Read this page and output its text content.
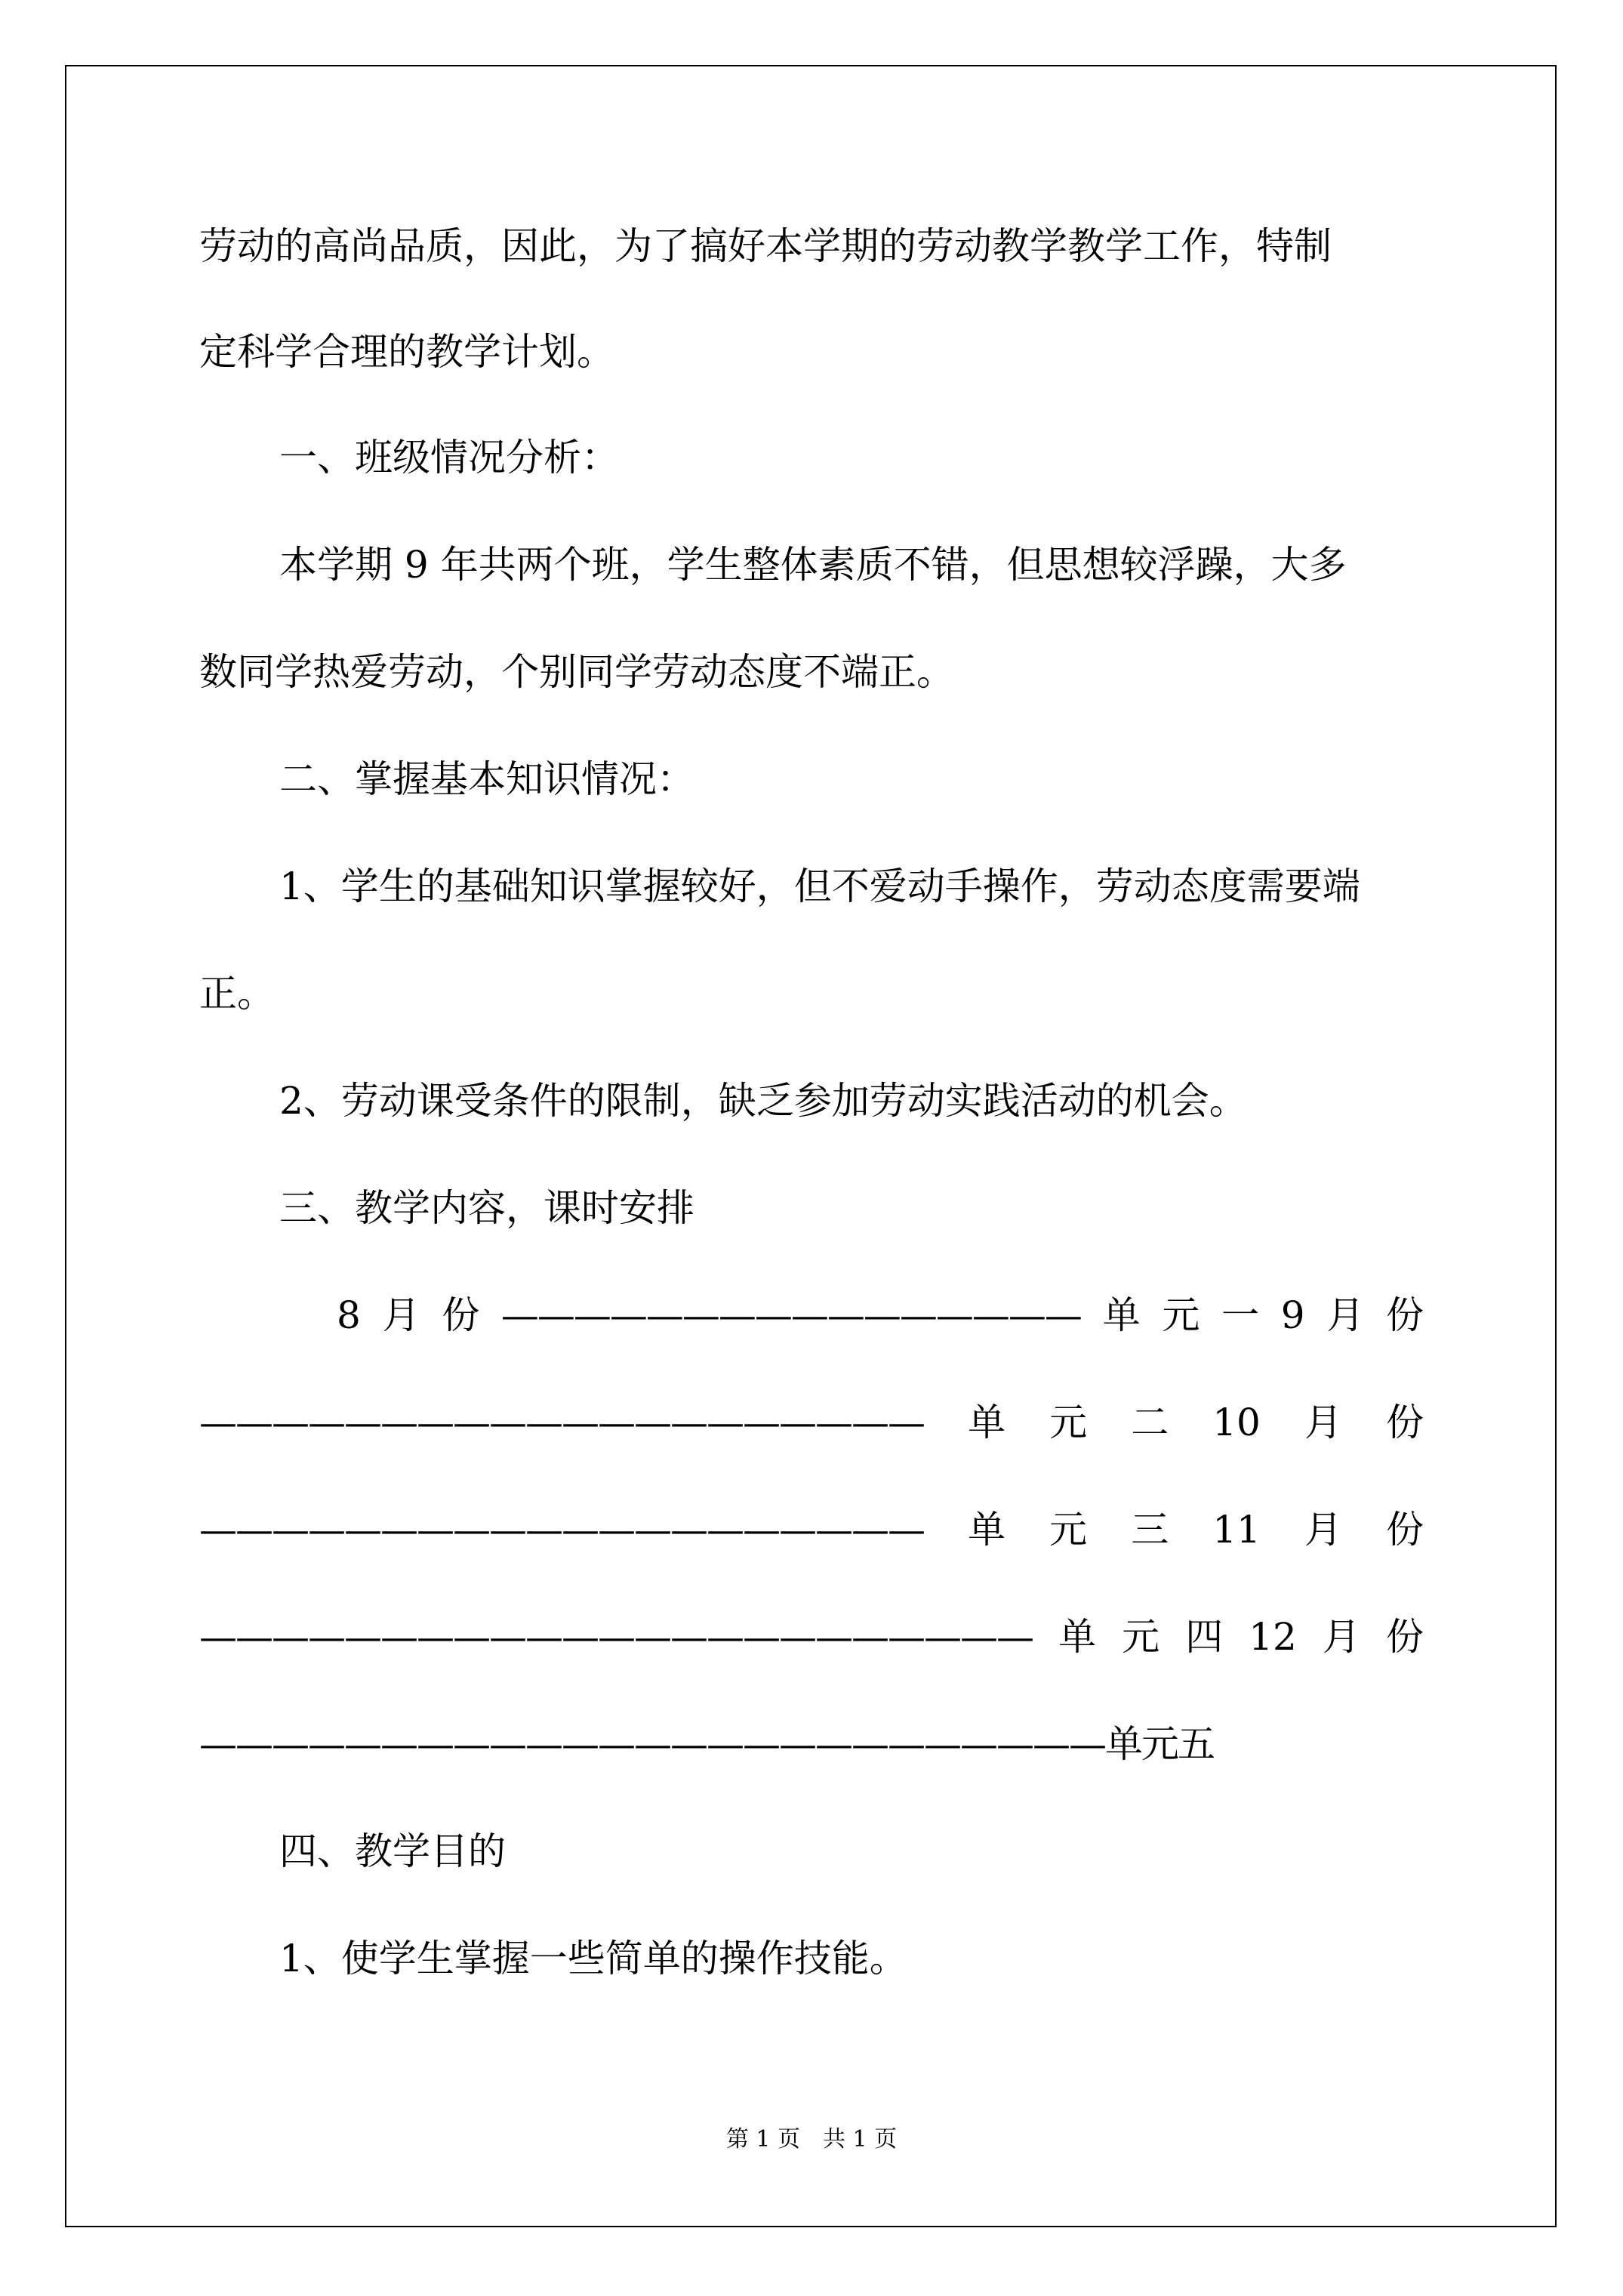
劳动的高尚品质，因此，为了搞好本学期的劳动教学教学工作，特制
定科学合理的教学计划。
一、班级情况分析：
本学期 9 年共两个班，学生整体素质不错，但思想较浮躁，大多
数同学热爱劳动，个别同学劳动态度不端正。
二、掌握基本知识情况：
1、学生的基础知识掌握较好，但不爱动手操作，劳动态度需要端
正。
2、劳动课受条件的限制，缺乏参加劳动实践活动的机会。
三、教学内容，课时安排
8 月 份 ———————————————— 单 元 一 9 月 份
———————————————————— 单 元 二 10 月 份
———————————————————— 单 元 三 11 月 份
——————————————————————— 单 元 四 12 月 份
—————————————————————————单元五
四、教学目的
1、使学生掌握一些简单的操作技能。
第 1 页　共 1 页
